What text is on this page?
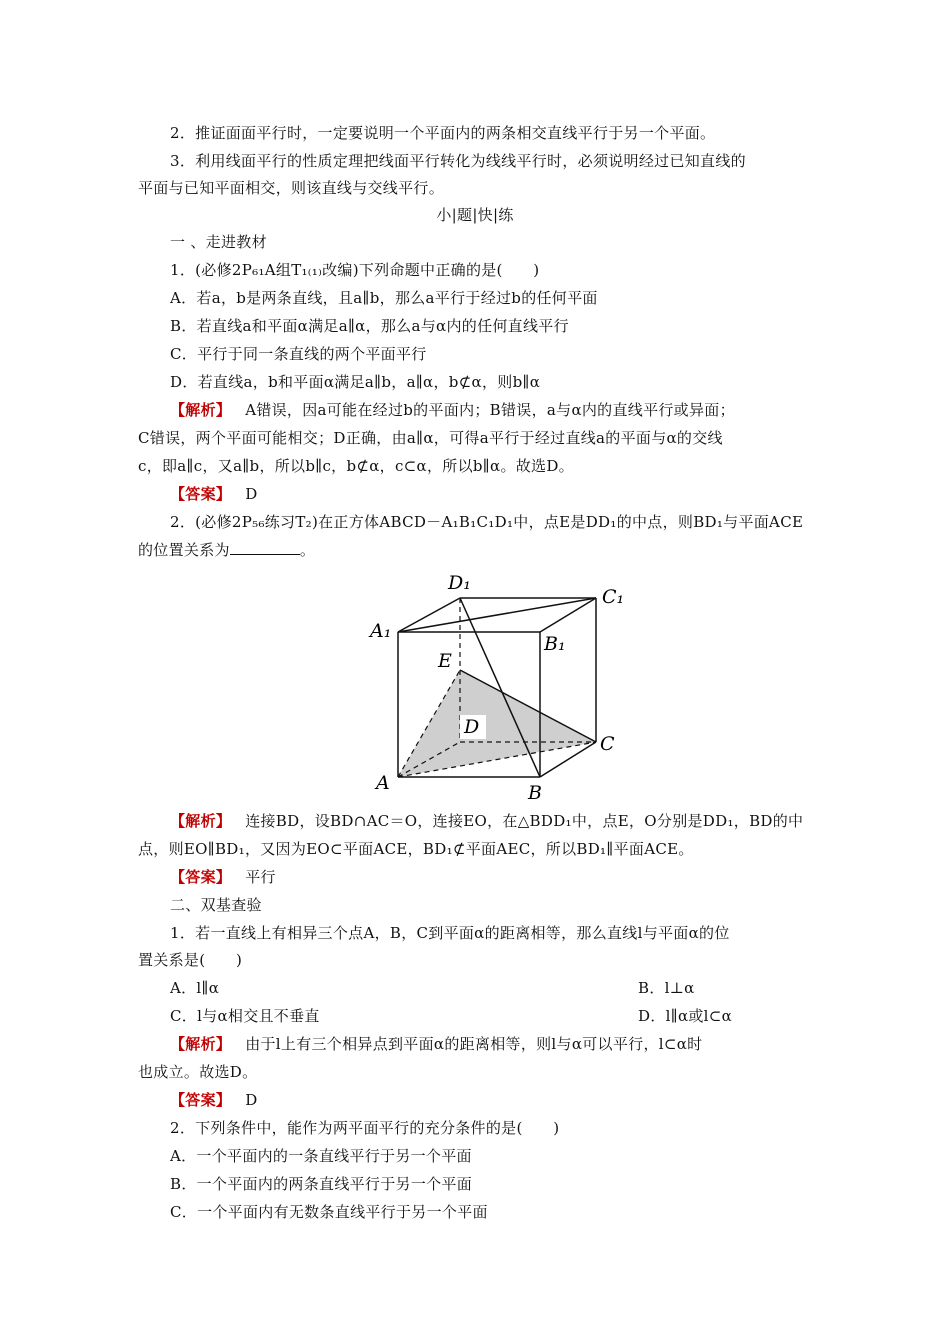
2．推证面面平行时，一定要说明一个平面内的两条相交直线平行于另一个平面。
3．利用线面平行的性质定理把线面平行转化为线线平行时，必须说明经过已知直线的
平面与已知平面相交，则该直线与交线平行。
小|题|快|练
一 、走进教材
1．(必修2P₆₁A组T₁₍₁₎改编)下列命题中正确的是(　　)
A．若a，b是两条直线，且a∥b，那么a平行于经过b的任何平面
B．若直线a和平面α满足a∥α，那么a与α内的任何直线平行
C．平行于同一条直线的两个平面平行
D．若直线a，b和平面α满足a∥b，a∥α，b⊄α，则b∥α
【解析】 A错误，因a可能在经过b的平面内；B错误，a与α内的直线平行或异面；
C错误，两个平面可能相交；D正确，由a∥α，可得a平行于经过直线a的平面与α的交线
c，即a∥c，又a∥b，所以b∥c，b⊄α，c⊂α，所以b∥α。故选D。
【答案】 D
2．(必修2P₅₆练习T₂)在正方体ABCD－A₁B₁C₁D₁中，点E是DD₁的中点，则BD₁与平面ACE
的位置关系为	。
D₁
C₁
A₁
B₁
E
D
C
A	B
【解析】 连接BD，设BD∩AC＝O，连接EO，在△BDD₁中，点E，O分别是DD₁，BD的中
点，则EO∥BD₁，又因为EO⊂平面ACE，BD₁⊄平面AEC，所以BD₁∥平面ACE。
【答案】 平行
二、双基查验
1．若一直线上有相异三个点A，B，C到平面α的距离相等，那么直线l与平面α的位
置关系是(　　)
A．l∥α	B．l⊥α
C．l与α相交且不垂直	D．l∥α或l⊂α
【解析】 由于l上有三个相异点到平面α的距离相等，则l与α可以平行，l⊂α时
也成立。故选D。
【答案】 D
2．下列条件中，能作为两平面平行的充分条件的是(　　)
A．一个平面内的一条直线平行于另一个平面
B．一个平面内的两条直线平行于另一个平面
C．一个平面内有无数条直线平行于另一个平面
